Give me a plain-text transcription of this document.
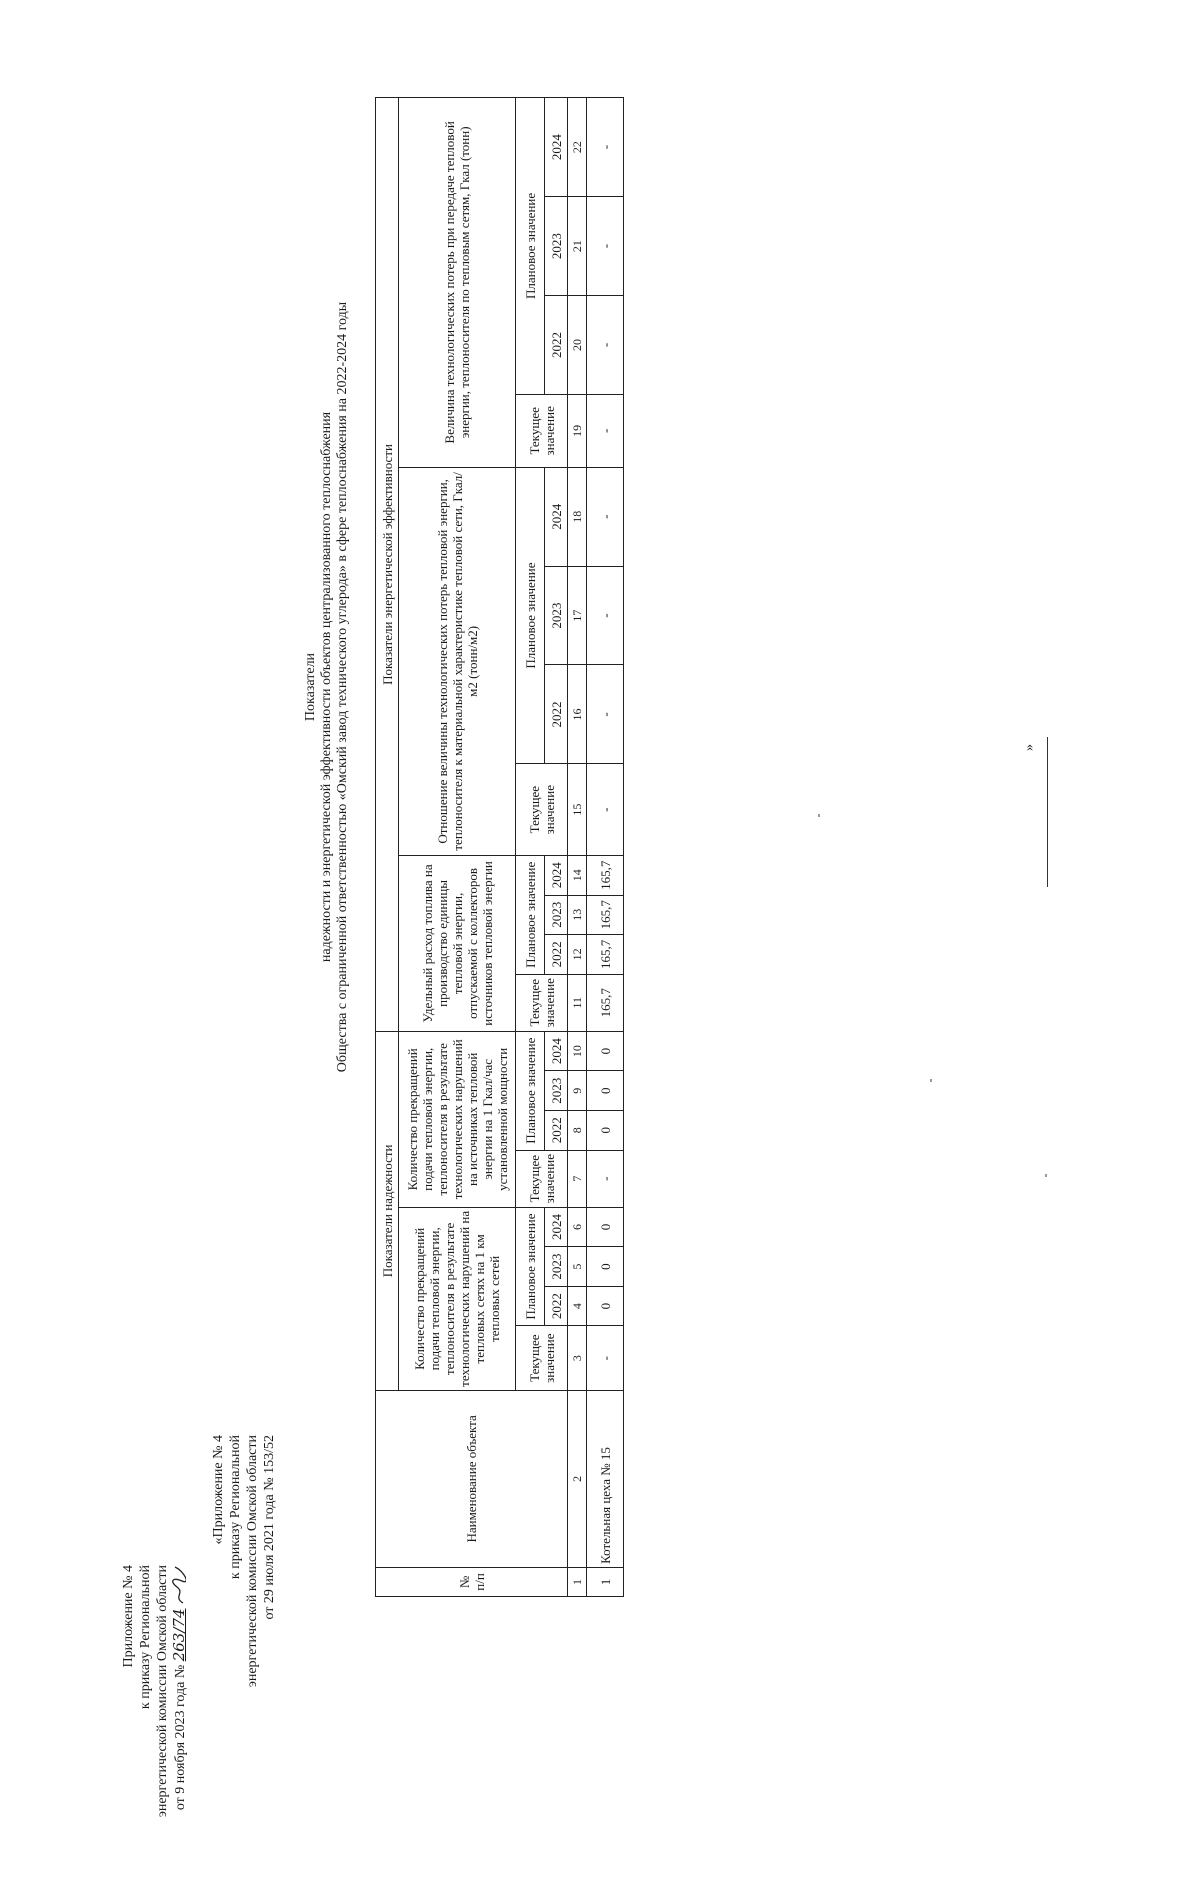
Приложение № 4 к приказу Региональной энергетической комиссии Омской области от 9 ноября 2023 года № 263/74
«Приложение № 4 к приказу Региональной энергетической комиссии Омской области от 29 июля 2021 года № 153/52
Показатели надежности и энергетической эффективности объектов централизованного теплоснабжения Общества с ограниченной ответственностью «Омский завод технического углерода» в сфере теплоснабжения на 2022-2024 годы
№ п/п	Наименование объекта	Показатели надежности								Показатели энергетической эффективности											
		Количество прекращений подачи тепловой энергии, теплоносителя в результате технологических нарушений на тепловых сетях на 1 км тепловых сетей				Количество прекращений подачи тепловой энергии, теплоносителя в результате технологических нарушений на источниках тепловой энергии на 1 Гкал/час установленной мощности				Удельный расход топлива на производство единицы тепловой энергии, отпускаемой с коллекторов источников тепловой энергии				Отношение величины технологических потерь тепловой энергии, теплоносителя к материальной характеристике тепловой сети, Гкал/м2 (тонн/м2)				Величина технологических потерь при передаче тепловой энергии, теплоносителя по тепловым сетям, Гкал (тонн)			
		Текущее значение	Плановое значение			Текущее значение	Плановое значение			Текущее значение	Плановое значение			Текущее значение	Плановое значение			Текущее значение	Плановое значение		
			2022	2023	2024		2022	2023	2024		2022	2023	2024		2022	2023	2024		2022	2023	2024
1	2	3	4	5	6	7	8	9	10	11	12	13	14	15	16	17	18	19	20	21	22
1	Котельная цеха № 15	-	0	0	0	-	0	0	0	165,7	165,7	165,7	165,7	-	-	-	-	-	-	-	-
»
